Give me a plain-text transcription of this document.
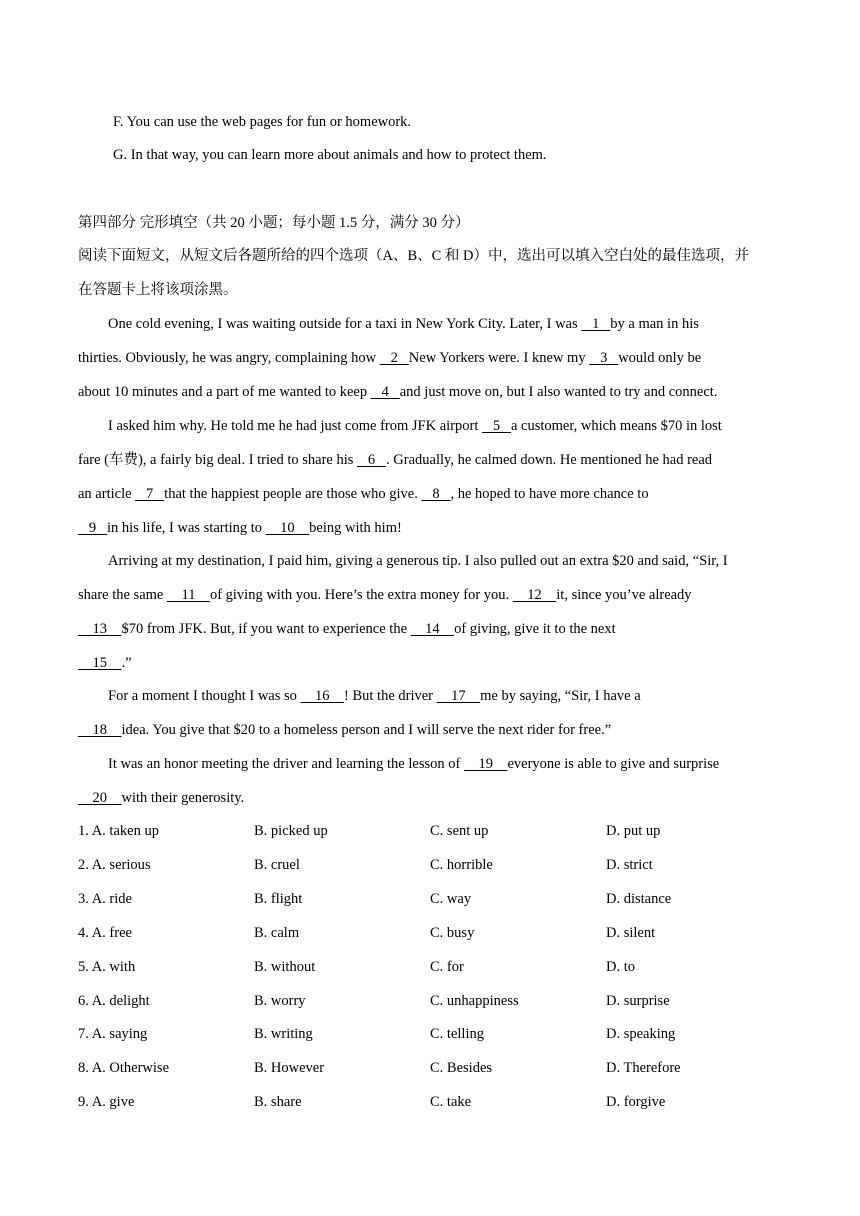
F. You can use the web pages for fun or homework.
G. In that way, you can learn more about animals and how to protect them.
第四部分 完形填空（共 20 小题；每小题 1.5 分，满分 30 分）
阅读下面短文，从短文后各题所给的四个选项（A、B、C 和 D）中，选出可以填入空白处的最佳选项，并
在答题卡上将该项涂黑。
One cold evening, I was waiting outside for a taxi in New York City. Later, I was    1   by a man in his
thirties. Obviously, he was angry, complaining how    2   New Yorkers were. I knew my    3   would only be
about 10 minutes and a part of me wanted to keep    4   and just move on, but I also wanted to try and connect.
I asked him why. He told me he had just come from JFK airport    5   a customer, which means $70 in lost
fare (车费), a fairly big deal. I tried to share his    6   . Gradually, he calmed down. He mentioned he had read
an article    7   that the happiest people are those who give.    8   , he hoped to have more chance to
9   in his life, I was starting to     10    being with him!
Arriving at my destination, I paid him, giving a generous tip. I also pulled out an extra $20 and said, “Sir, I
share the same     11    of giving with you. Here’s the extra money for you.     12    it, since you’ve already
13    $70 from JFK. But, if you want to experience the     14    of giving, give it to the next
15    .”
For a moment I thought I was so     16    ! But the driver     17    me by saying, “Sir, I have a
18    idea. You give that $20 to a homeless person and I will serve the next rider for free.”
It was an honor meeting the driver and learning the lesson of     19    everyone is able to give and surprise
20    with their generosity.
1. A. taken up	B. picked up	C. sent up	D. put up
2. A. serious	B. cruel	C. horrible	D. strict
3. A. ride	B. flight	C. way	D. distance
4. A. free	B. calm	C. busy	D. silent
5. A. with	B. without	C. for	D. to
6. A. delight	B. worry	C. unhappiness	D. surprise
7. A. saying	B. writing	C. telling	D. speaking
8. A. Otherwise	B. However	C. Besides	D. Therefore
9. A. give	B. share	C. take	D. forgive
